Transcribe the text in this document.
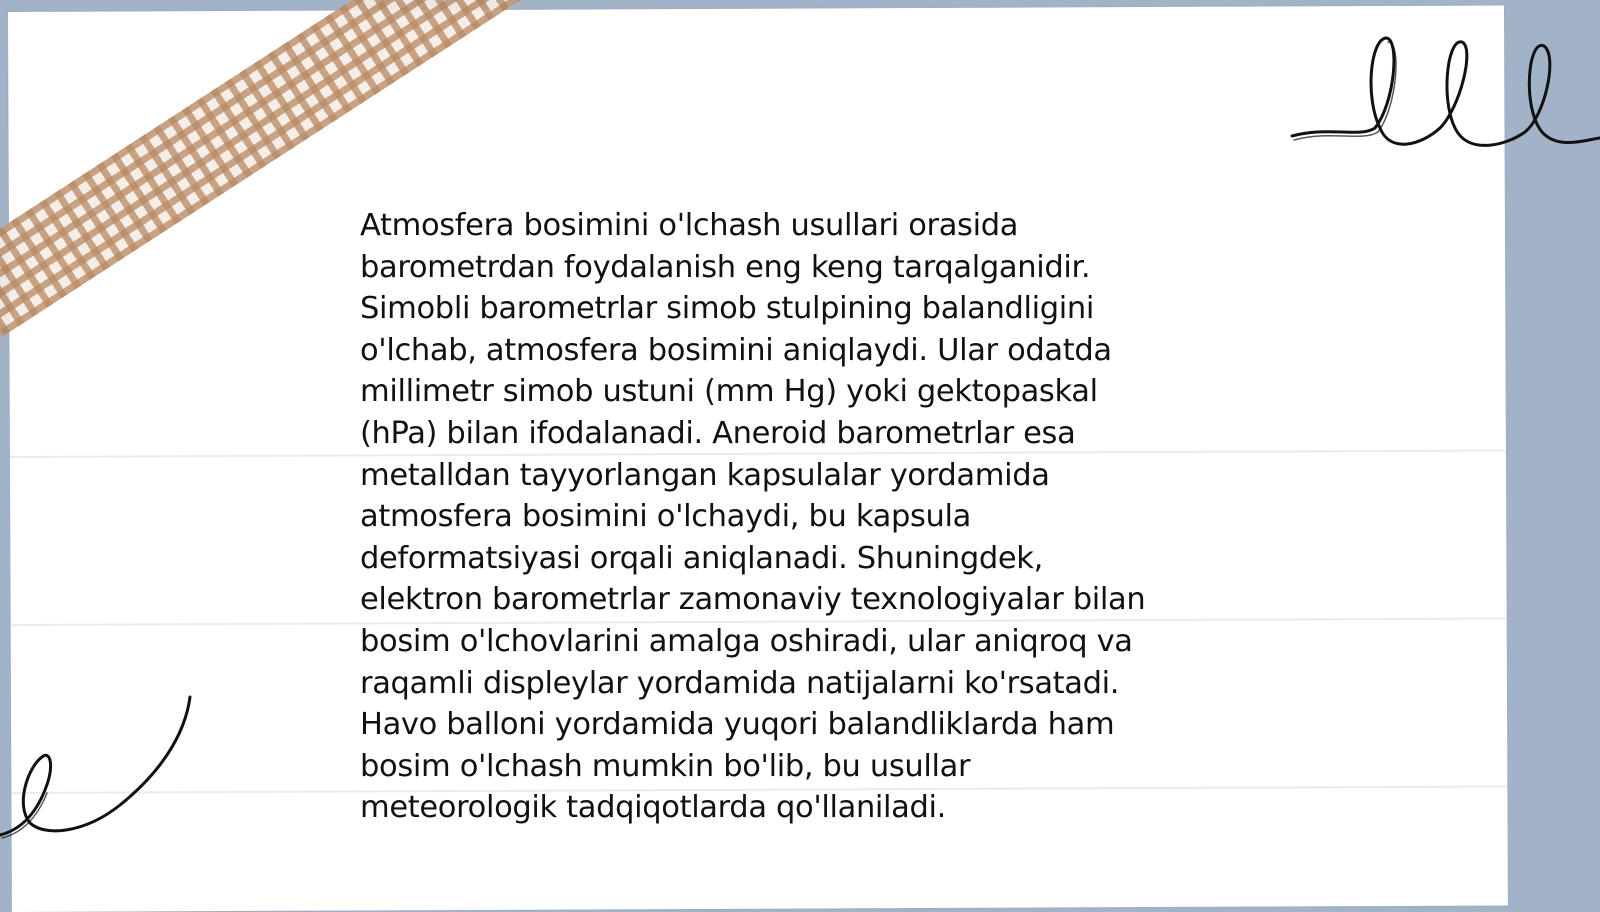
Atmosfera bosimini o'lchash usullari orasida
barometrdan foydalanish eng keng tarqalganidir.
Simobli barometrlar simob stulpining balandligini
o'lchab, atmosfera bosimini aniqlaydi. Ular odatda
millimetr simob ustuni (mm Hg) yoki gektopaskal
(hPa) bilan ifodalanadi. Aneroid barometrlar esa
metalldan tayyorlangan kapsulalar yordamida
atmosfera bosimini o'lchaydi, bu kapsula
deformatsiyasi orqali aniqlanadi. Shuningdek,
elektron barometrlar zamonaviy texnologiyalar bilan
bosim o'lchovlarini amalga oshiradi, ular aniqroq va
raqamli displeylar yordamida natijalarni ko'rsatadi.
Havo balloni yordamida yuqori balandliklarda ham
bosim o'lchash mumkin bo'lib, bu usullar
meteorologik tadqiqotlarda qo'llaniladi.
